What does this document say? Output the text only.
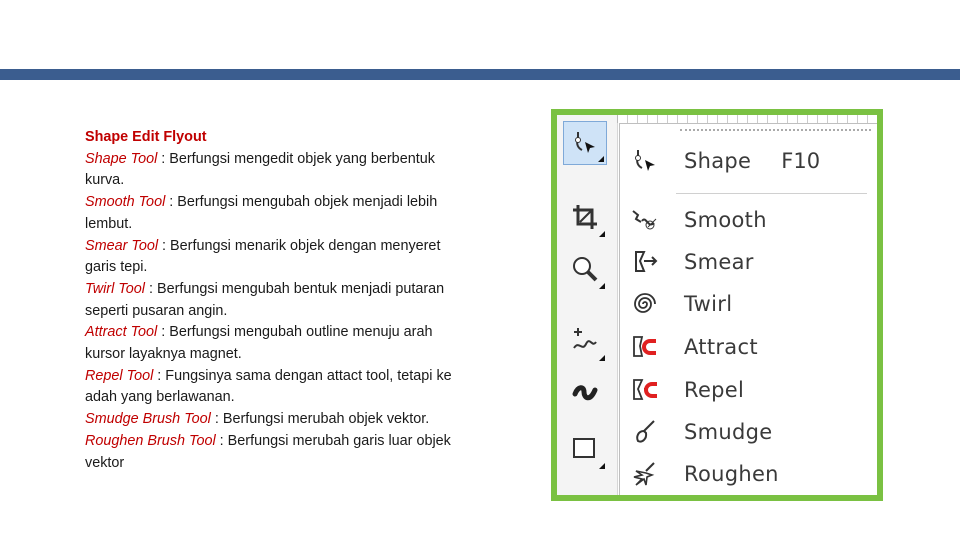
Shape Edit Flyout
Shape Tool : Berfungsi mengedit objek yang berbentuk kurva.
Smooth Tool : Berfungsi mengubah objek menjadi lebih lembut.
Smear Tool : Berfungsi menarik objek dengan menyeret garis tepi.
Twirl Tool : Berfungsi mengubah bentuk menjadi putaran seperti pusaran angin.
Attract Tool : Berfungsi mengubah outline menuju arah kursor layaknya magnet.
Repel Tool : Fungsinya sama dengan attact tool, tetapi ke adah yang berlawanan.
Smudge Brush Tool : Berfungsi merubah objek vektor.
Roughen Brush Tool : Berfungsi merubah garis luar objek vektor
Shape F10
Smooth
Smear
Twirl
Attract
Repel
Smudge
Roughen
